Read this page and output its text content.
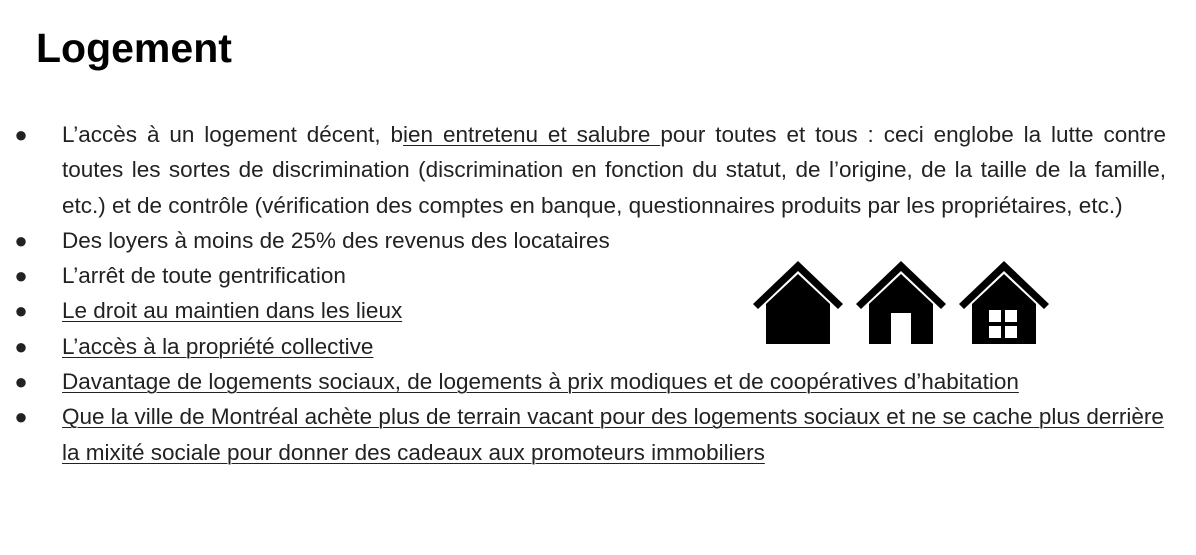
Logement
● L’accès à un logement décent, bien entretenu et salubre pour toutes et tous : ceci englobe la lutte contre toutes les sortes de discrimination (discrimination en fonction du statut, de l’origine, de la taille de la famille, etc.) et de contrôle (vérification des comptes en banque, questionnaires produits par les propriétaires, etc.)
● Des loyers à moins de 25% des revenus des locataires
● L’arrêt de toute gentrification
● Le droit au maintien dans les lieux
● L’accès à la propriété collective
● Davantage de logements sociaux, de logements à prix modiques et de coopératives d’habitation
● Que la ville de Montréal achète plus de terrain vacant pour des logements sociaux et ne se cache plus derrière la mixité sociale pour donner des cadeaux aux promoteurs immobiliers
